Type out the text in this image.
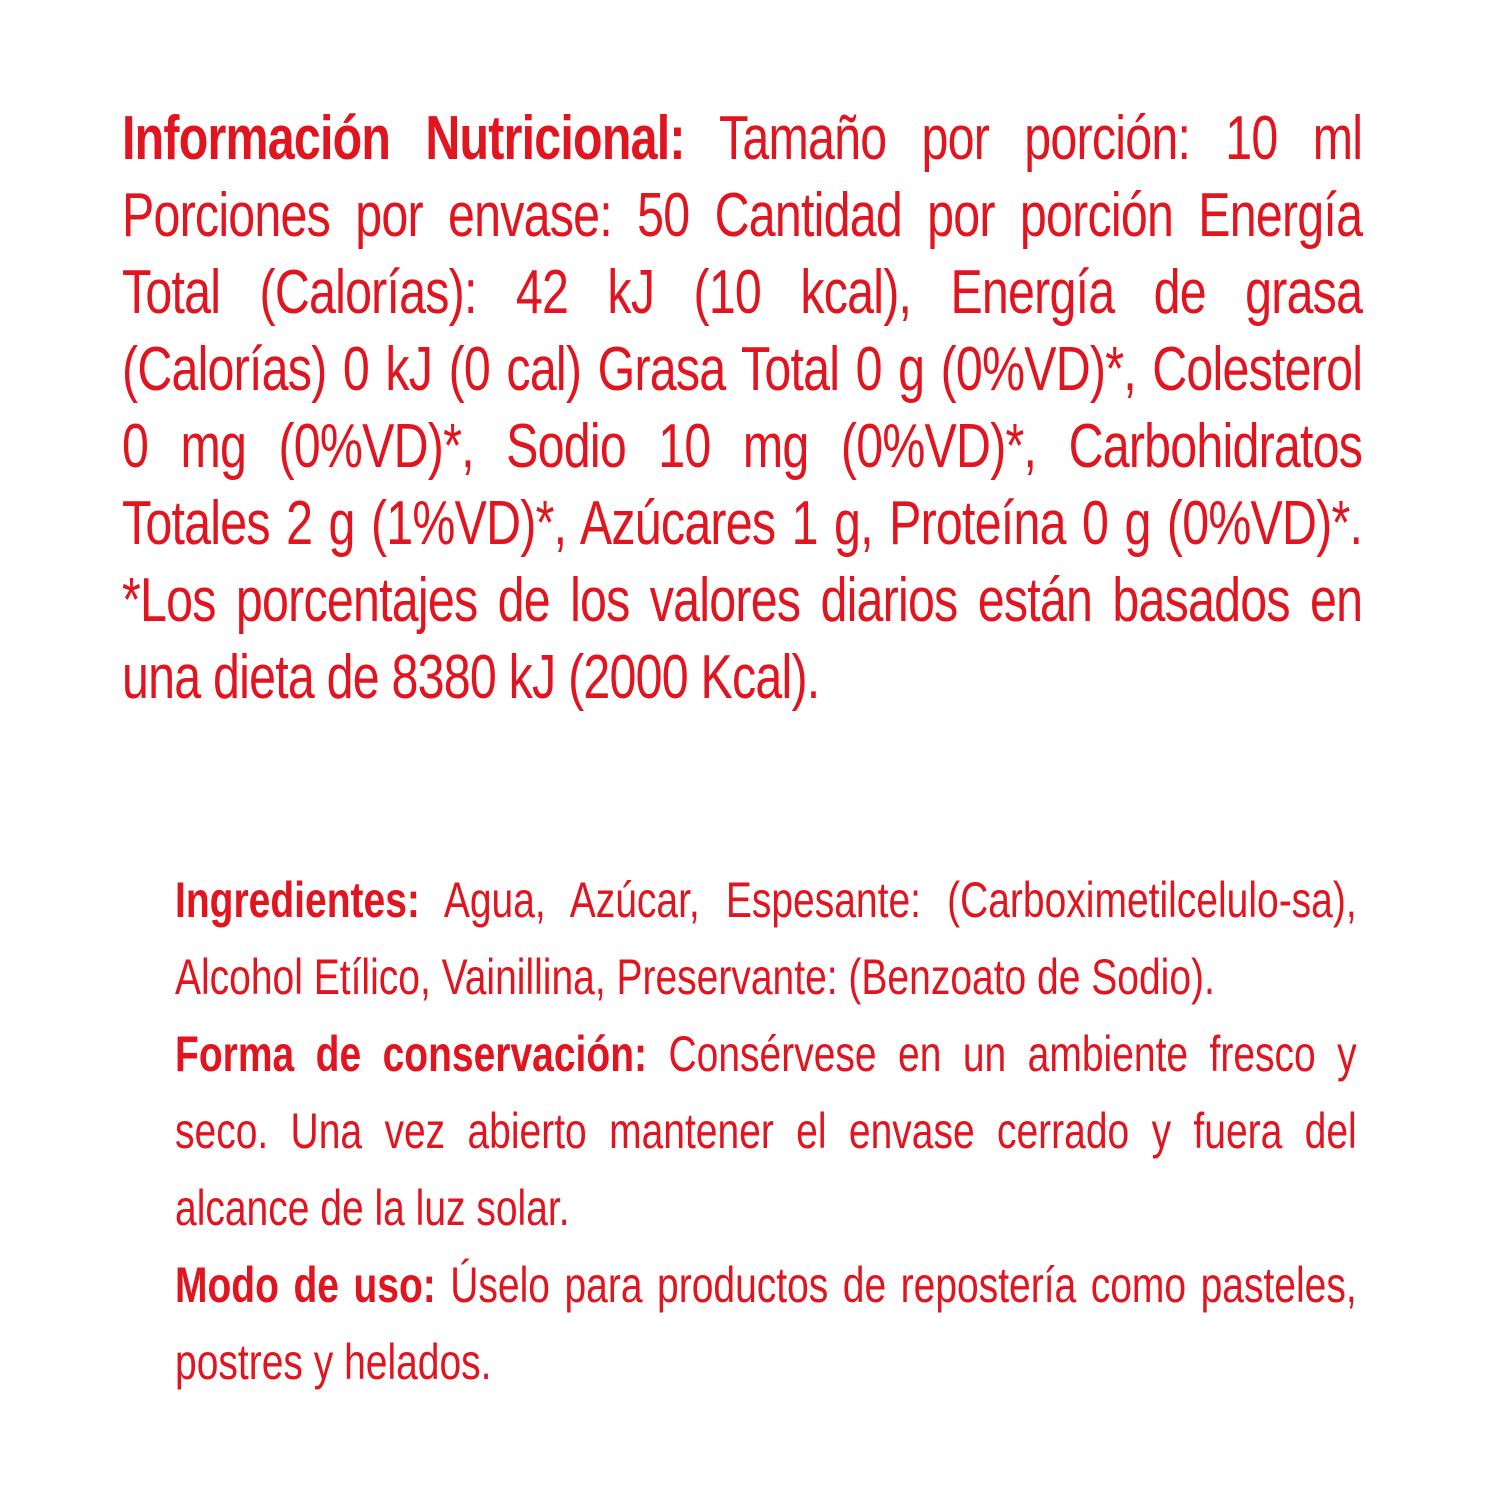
Información Nutricional: Tamaño por porción: 10 ml Porciones por envase: 50 Cantidad por porción Energía Total (Calorías): 42 kJ (10 kcal), Energía de grasa (Calorías) 0 kJ (0 cal) Grasa Total 0 g (0%VD)*, Colesterol 0 mg (0%VD)*, Sodio 10 mg (0%VD)*, Carbohidratos Totales 2 g (1%VD)*, Azúcares 1 g, Proteína 0 g (0%VD)*. *Los porcentajes de los valores diarios están basados en una dieta de 8380 kJ (2000 Kcal).

Ingredientes: Agua, Azúcar, Espesante: (Carboximetilcelulo-sa), Alcohol Etílico, Vainillina, Preservante: (Benzoato de Sodio).

Forma de conservación: Consérvese en un ambiente fresco y seco. Una vez abierto mantener el envase cerrado y fuera del alcance de la luz solar.

Modo de uso: Úselo para productos de repostería como pasteles, postres y helados.
